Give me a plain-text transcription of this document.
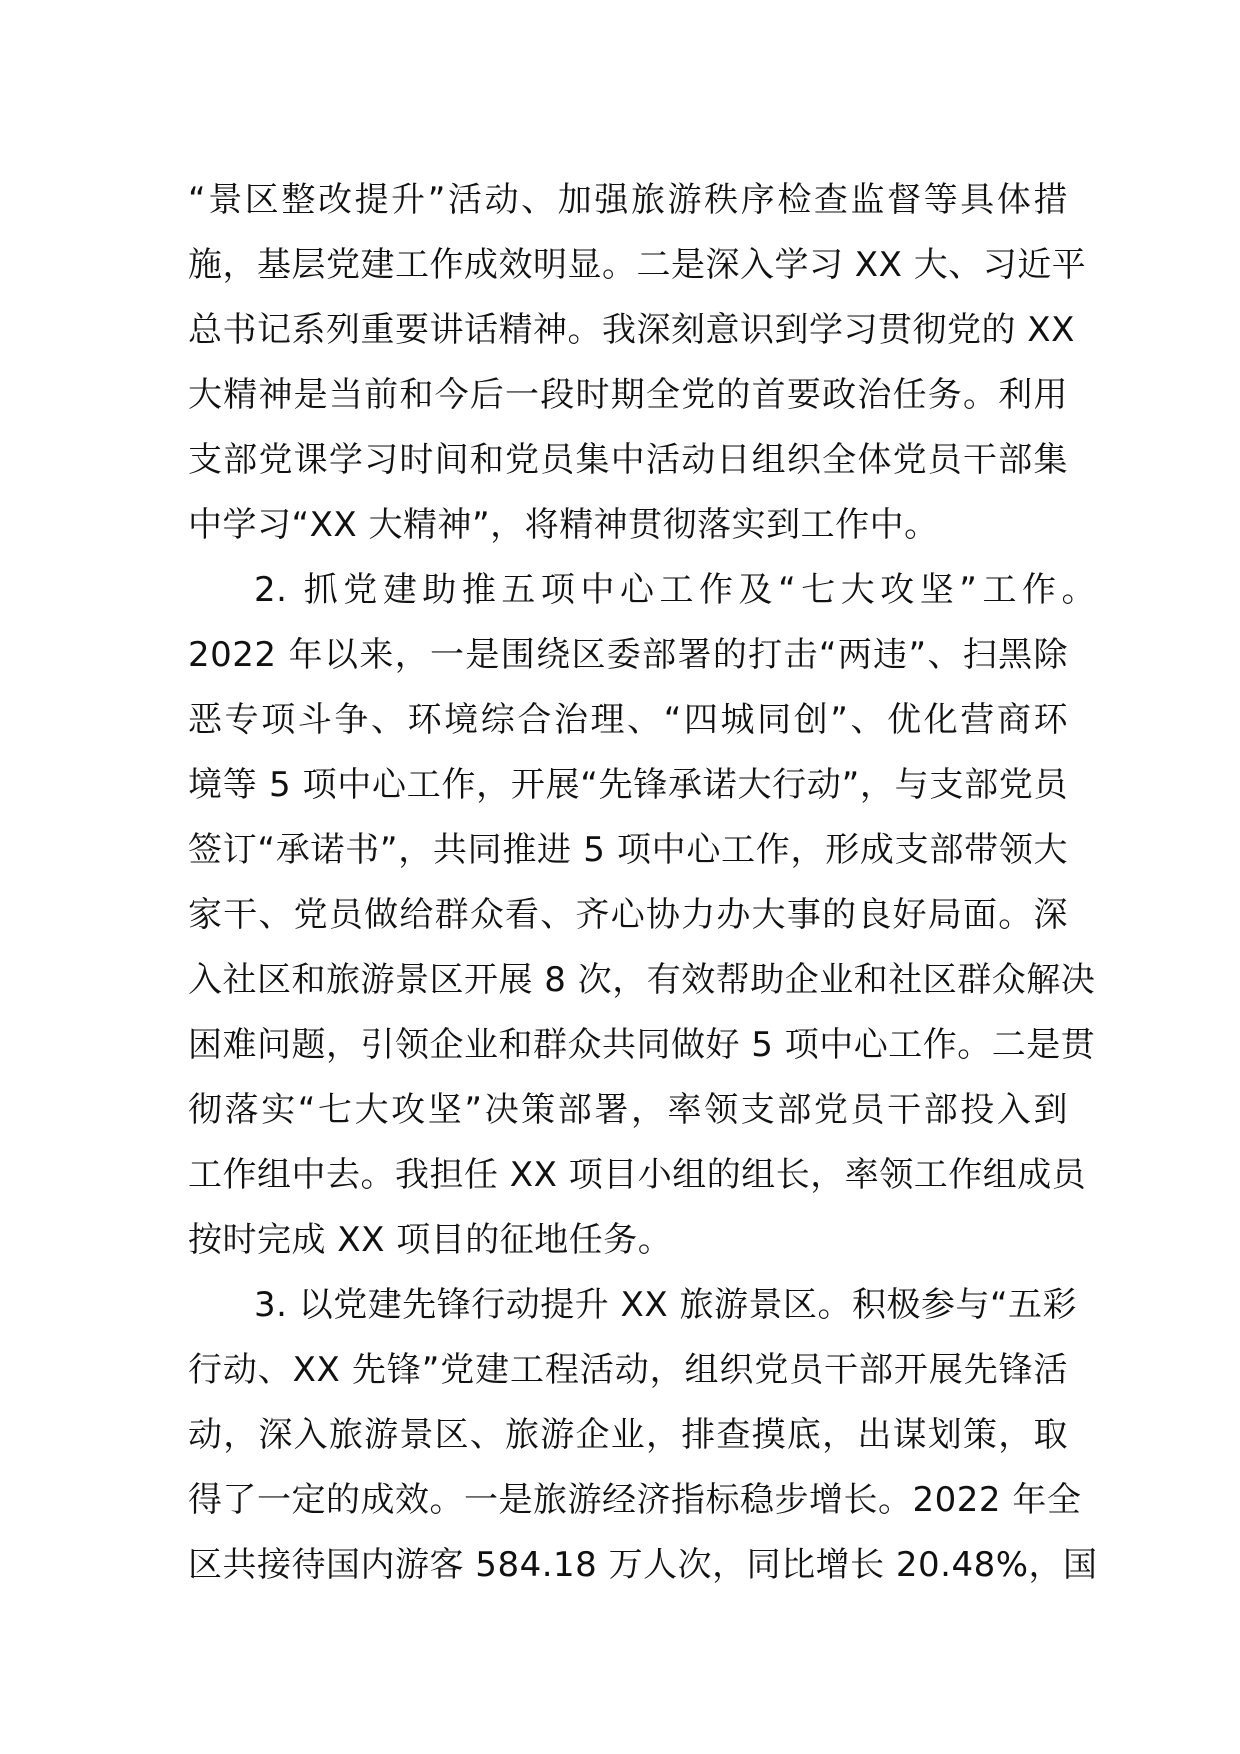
“景区整改提升”活动、加强旅游秩序检查监督等具体措
施，基层党建工作成效明显。二是深入学习 XX 大、习近平
总书记系列重要讲话精神。我深刻意识到学习贯彻党的 XX
大精神是当前和今后一段时期全党的首要政治任务。利用
支部党课学习时间和党员集中活动日组织全体党员干部集
中学习“XX 大精神”，将精神贯彻落实到工作中。
2. 抓党建助推五项中心工作及“七大攻坚”工作。
2022 年以来，一是围绕区委部署的打击“两违”、扫黑除
恶专项斗争、环境综合治理、“四城同创”、优化营商环
境等 5 项中心工作，开展“先锋承诺大行动”，与支部党员
签订“承诺书”，共同推进 5 项中心工作，形成支部带领大
家干、党员做给群众看、齐心协力办大事的良好局面。深
入社区和旅游景区开展 8 次，有效帮助企业和社区群众解决
困难问题，引领企业和群众共同做好 5 项中心工作。二是贯
彻落实“七大攻坚”决策部署，率领支部党员干部投入到
工作组中去。我担任 XX 项目小组的组长，率领工作组成员
按时完成 XX 项目的征地任务。
3. 以党建先锋行动提升 XX 旅游景区。积极参与“五彩
行动、XX 先锋”党建工程活动，组织党员干部开展先锋活
动，深入旅游景区、旅游企业，排查摸底，出谋划策，取
得了一定的成效。一是旅游经济指标稳步增长。2022 年全
区共接待国内游客 584.18 万人次，同比增长 20.48%，国
